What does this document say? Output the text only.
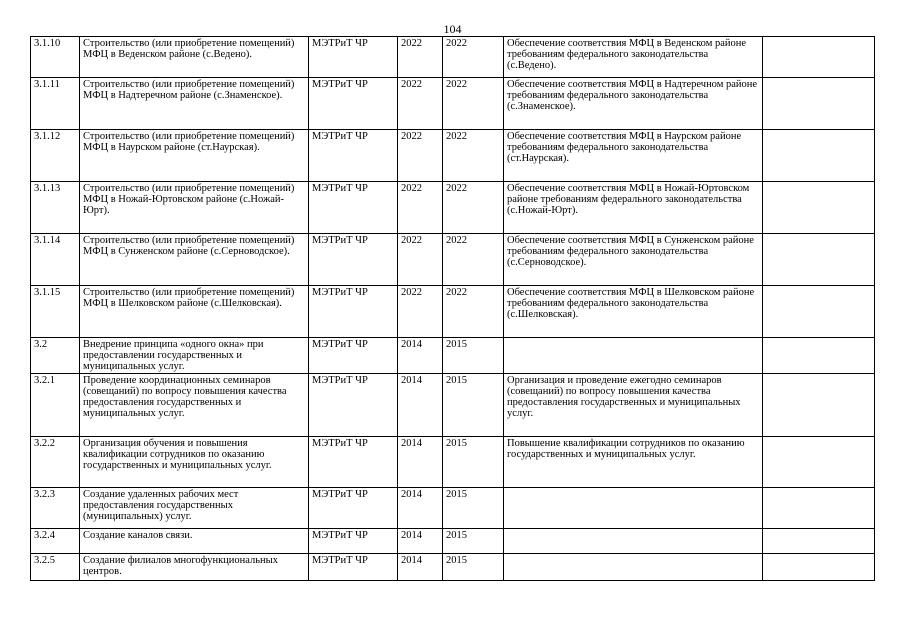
104
3.1.10	Строительство (или приобретение помещений) МФЦ в Веденском районе (с.Ведено).	МЭТРиТ ЧР	2022	2022	Обеспечение соответствия МФЦ в Веденском районе требованиям федерального законодательства (с.Ведено).	
3.1.11	Строительство (или приобретение помещений) МФЦ в Надтеречном районе (с.Знаменское).	МЭТРиТ ЧР	2022	2022	Обеспечение соответствия МФЦ в Надтеречном районе требованиям федерального законодательства (с.Знаменское).	
3.1.12	Строительство (или приобретение помещений) МФЦ в Наурском районе (ст.Наурская).	МЭТРиТ ЧР	2022	2022	Обеспечение соответствия МФЦ в Наурском районе требованиям федерального законодательства (ст.Наурская).	
3.1.13	Строительство (или приобретение помещений) МФЦ в Ножай-Юртовском районе (с.Ножай-Юрт).	МЭТРиТ ЧР	2022	2022	Обеспечение соответствия МФЦ в Ножай-Юртовском районе требованиям федерального законодательства (с.Ножай-Юрт).	
3.1.14	Строительство (или приобретение помещений) МФЦ в Сунженском районе (с.Серноводское).	МЭТРиТ ЧР	2022	2022	Обеспечение соответствия МФЦ в Сунженском районе требованиям федерального законодательства (с.Серноводское).	
3.1.15	Строительство (или приобретение помещений) МФЦ в Шелковском районе (с.Шелковская).	МЭТРиТ ЧР	2022	2022	Обеспечение соответствия МФЦ в Шелковском районе требованиям федерального законодательства (с.Шелковская).	
3.2	Внедрение принципа «одного окна» при предоставлении государственных и муниципальных услуг.	МЭТРиТ ЧР	2014	2015		
3.2.1	Проведение координационных семинаров (совещаний) по вопросу повышения качества предоставления государственных и муниципальных услуг.	МЭТРиТ ЧР	2014	2015	Организация и проведение ежегодно семинаров (совещаний) по вопросу повышения качества предоставления государственных и муниципальных услуг.	
3.2.2	Организация обучения и повышения квалификации сотрудников по оказанию государственных и муниципальных услуг.	МЭТРиТ ЧР	2014	2015	Повышение квалификации сотрудников по оказанию государственных и муниципальных услуг.	
3.2.3	Создание удаленных рабочих мест предоставления государственных (муниципальных) услуг.	МЭТРиТ ЧР	2014	2015		
3.2.4	Создание каналов связи.	МЭТРиТ ЧР	2014	2015		
3.2.5	Создание филиалов многофункциональных центров.	МЭТРиТ ЧР	2014	2015		
